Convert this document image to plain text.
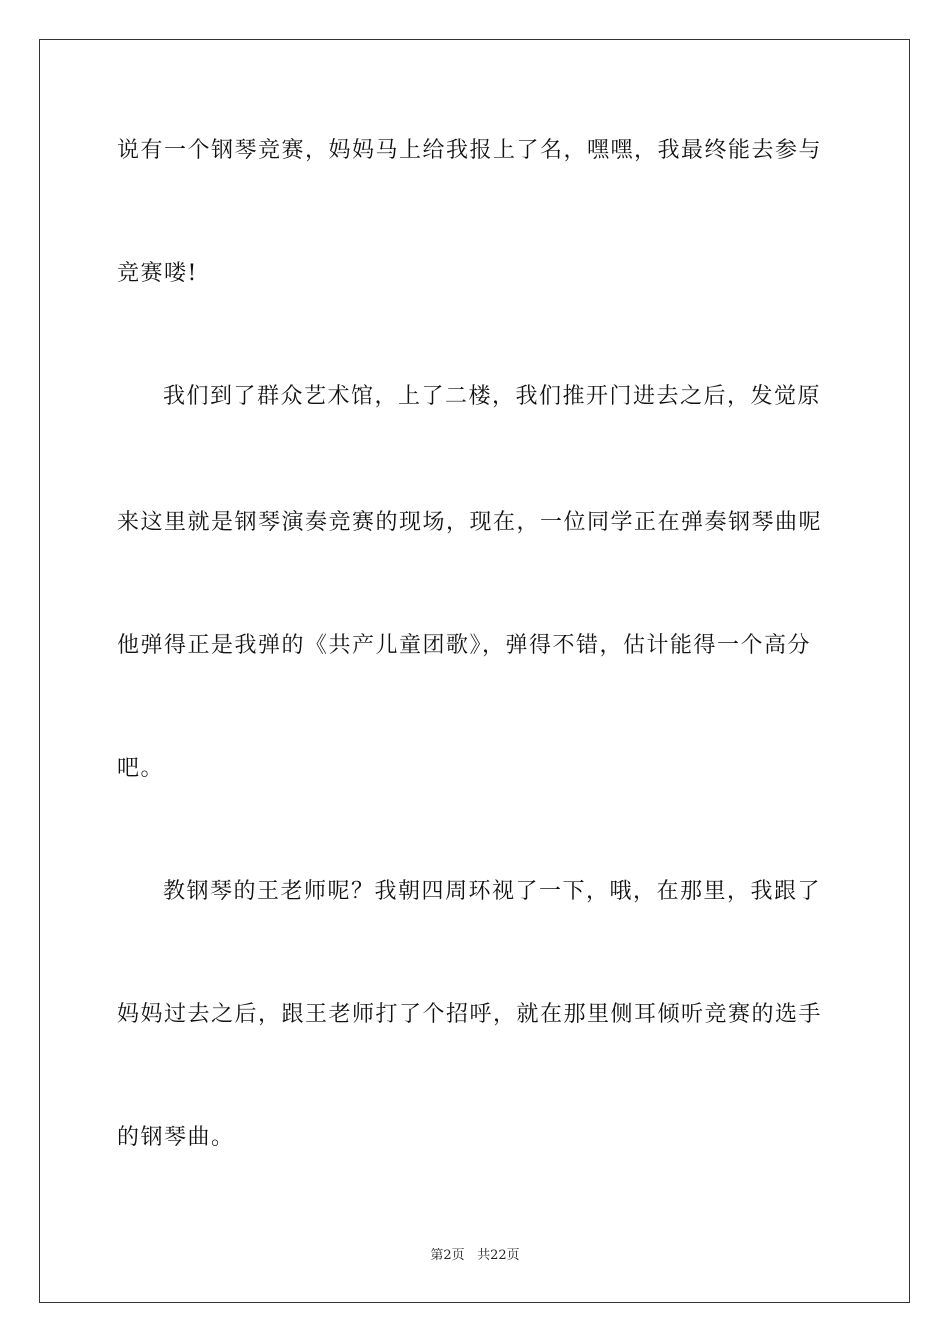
说有一个钢琴竞赛，妈妈马上给我报上了名，嘿嘿，我最终能去参与
竞赛喽!
我们到了群众艺术馆，上了二楼，我们推开门进去之后，发觉原
来这里就是钢琴演奏竞赛的现场，现在，一位同学正在弹奏钢琴曲呢
他弹得正是我弹的《共产儿童团歌》，弹得不错，估计能得一个高分
吧。
教钢琴的王老师呢？我朝四周环视了一下，哦，在那里，我跟了
妈妈过去之后，跟王老师打了个招呼，就在那里侧耳倾听竞赛的选手
的钢琴曲。
第2页 共22页
